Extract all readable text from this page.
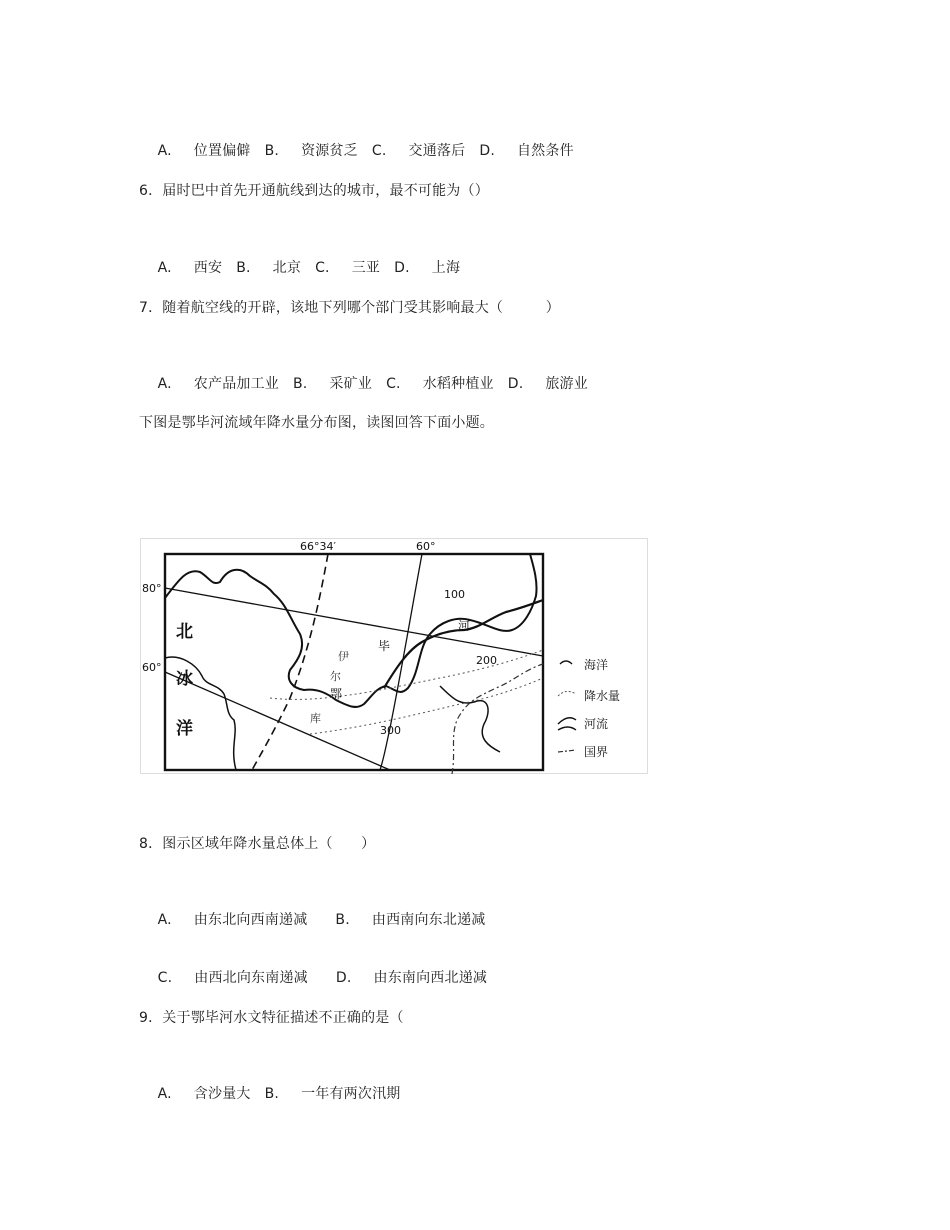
A. 位置偏僻 B. 资源贫乏 C. 交通落后 D. 自然条件

6．届时巴中首先开通航线到达的城市，最不可能为（）

A. 西安 B. 北京 C. 三亚 D. 上海

7．随着航空线的开辟，该地下列哪个部门受其影响最大（　　　）

A. 农产品加工业 B. 采矿业 C. 水稻种植业 D. 旅游业

下图是鄂毕河流域年降水量分布图，读图回答下面小题。
66°34′	60°
80°
60°
北
冰
洋
河
鄂
毕
伊
尔
库
100
200
300
海洋
降水量
河流
国界
8．图示区域年降水量总体上（　　）

A. 由东北向西南递减 B. 由西南向东北递减

C. 由西北向东南递减 D. 由东南向西北递减

9．关于鄂毕河水文特征描述不正确的是（

A. 含沙量大 B. 一年有两次汛期
